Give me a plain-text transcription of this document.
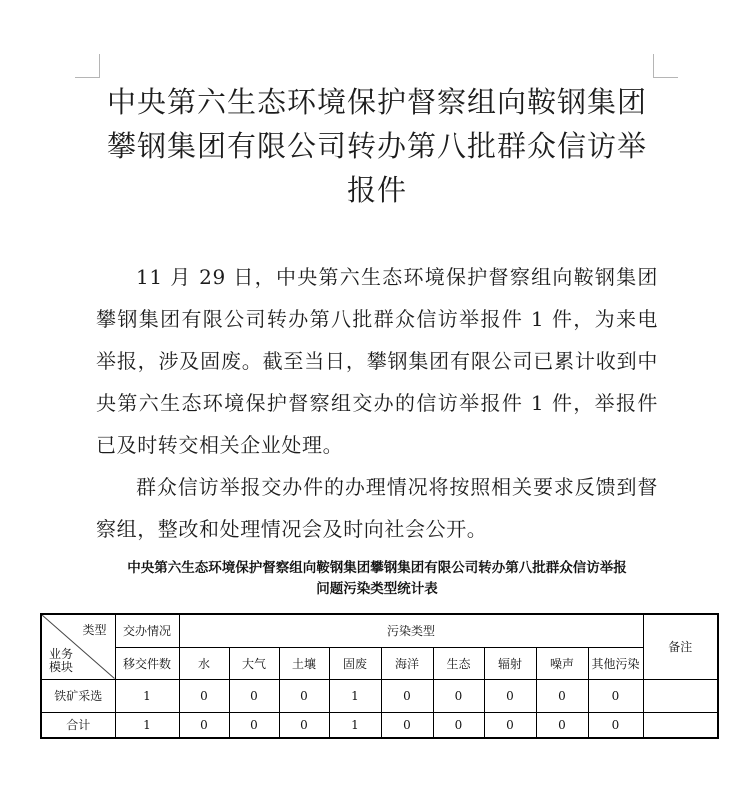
中央第六生态环境保护督察组向鞍钢集团
攀钢集团有限公司转办第八批群众信访举
报件

11 月 29 日，中央第六生态环境保护督察组向鞍钢集团攀钢集团有限公司转办第八批群众信访举报件 1 件，为来电举报，涉及固废。截至当日，攀钢集团有限公司已累计收到中央第六生态环境保护督察组交办的信访举报件 1 件，举报件已及时转交相关企业处理。

群众信访举报交办件的办理情况将按照相关要求反馈到督察组，整改和处理情况会及时向社会公开。

中央第六生态环境保护督察组向鞍钢集团攀钢集团有限公司转办第八批群众信访举报
问题污染类型统计表
类型
业务
模块	交办情况	污染类型									备注
	移交件数	水	大气	土壤	固废	海洋	生态	辐射	噪声	其他污染	
铁矿采选	1	0	0	0	1	0	0	0	0	0	
合计	1	0	0	0	1	0	0	0	0	0	
